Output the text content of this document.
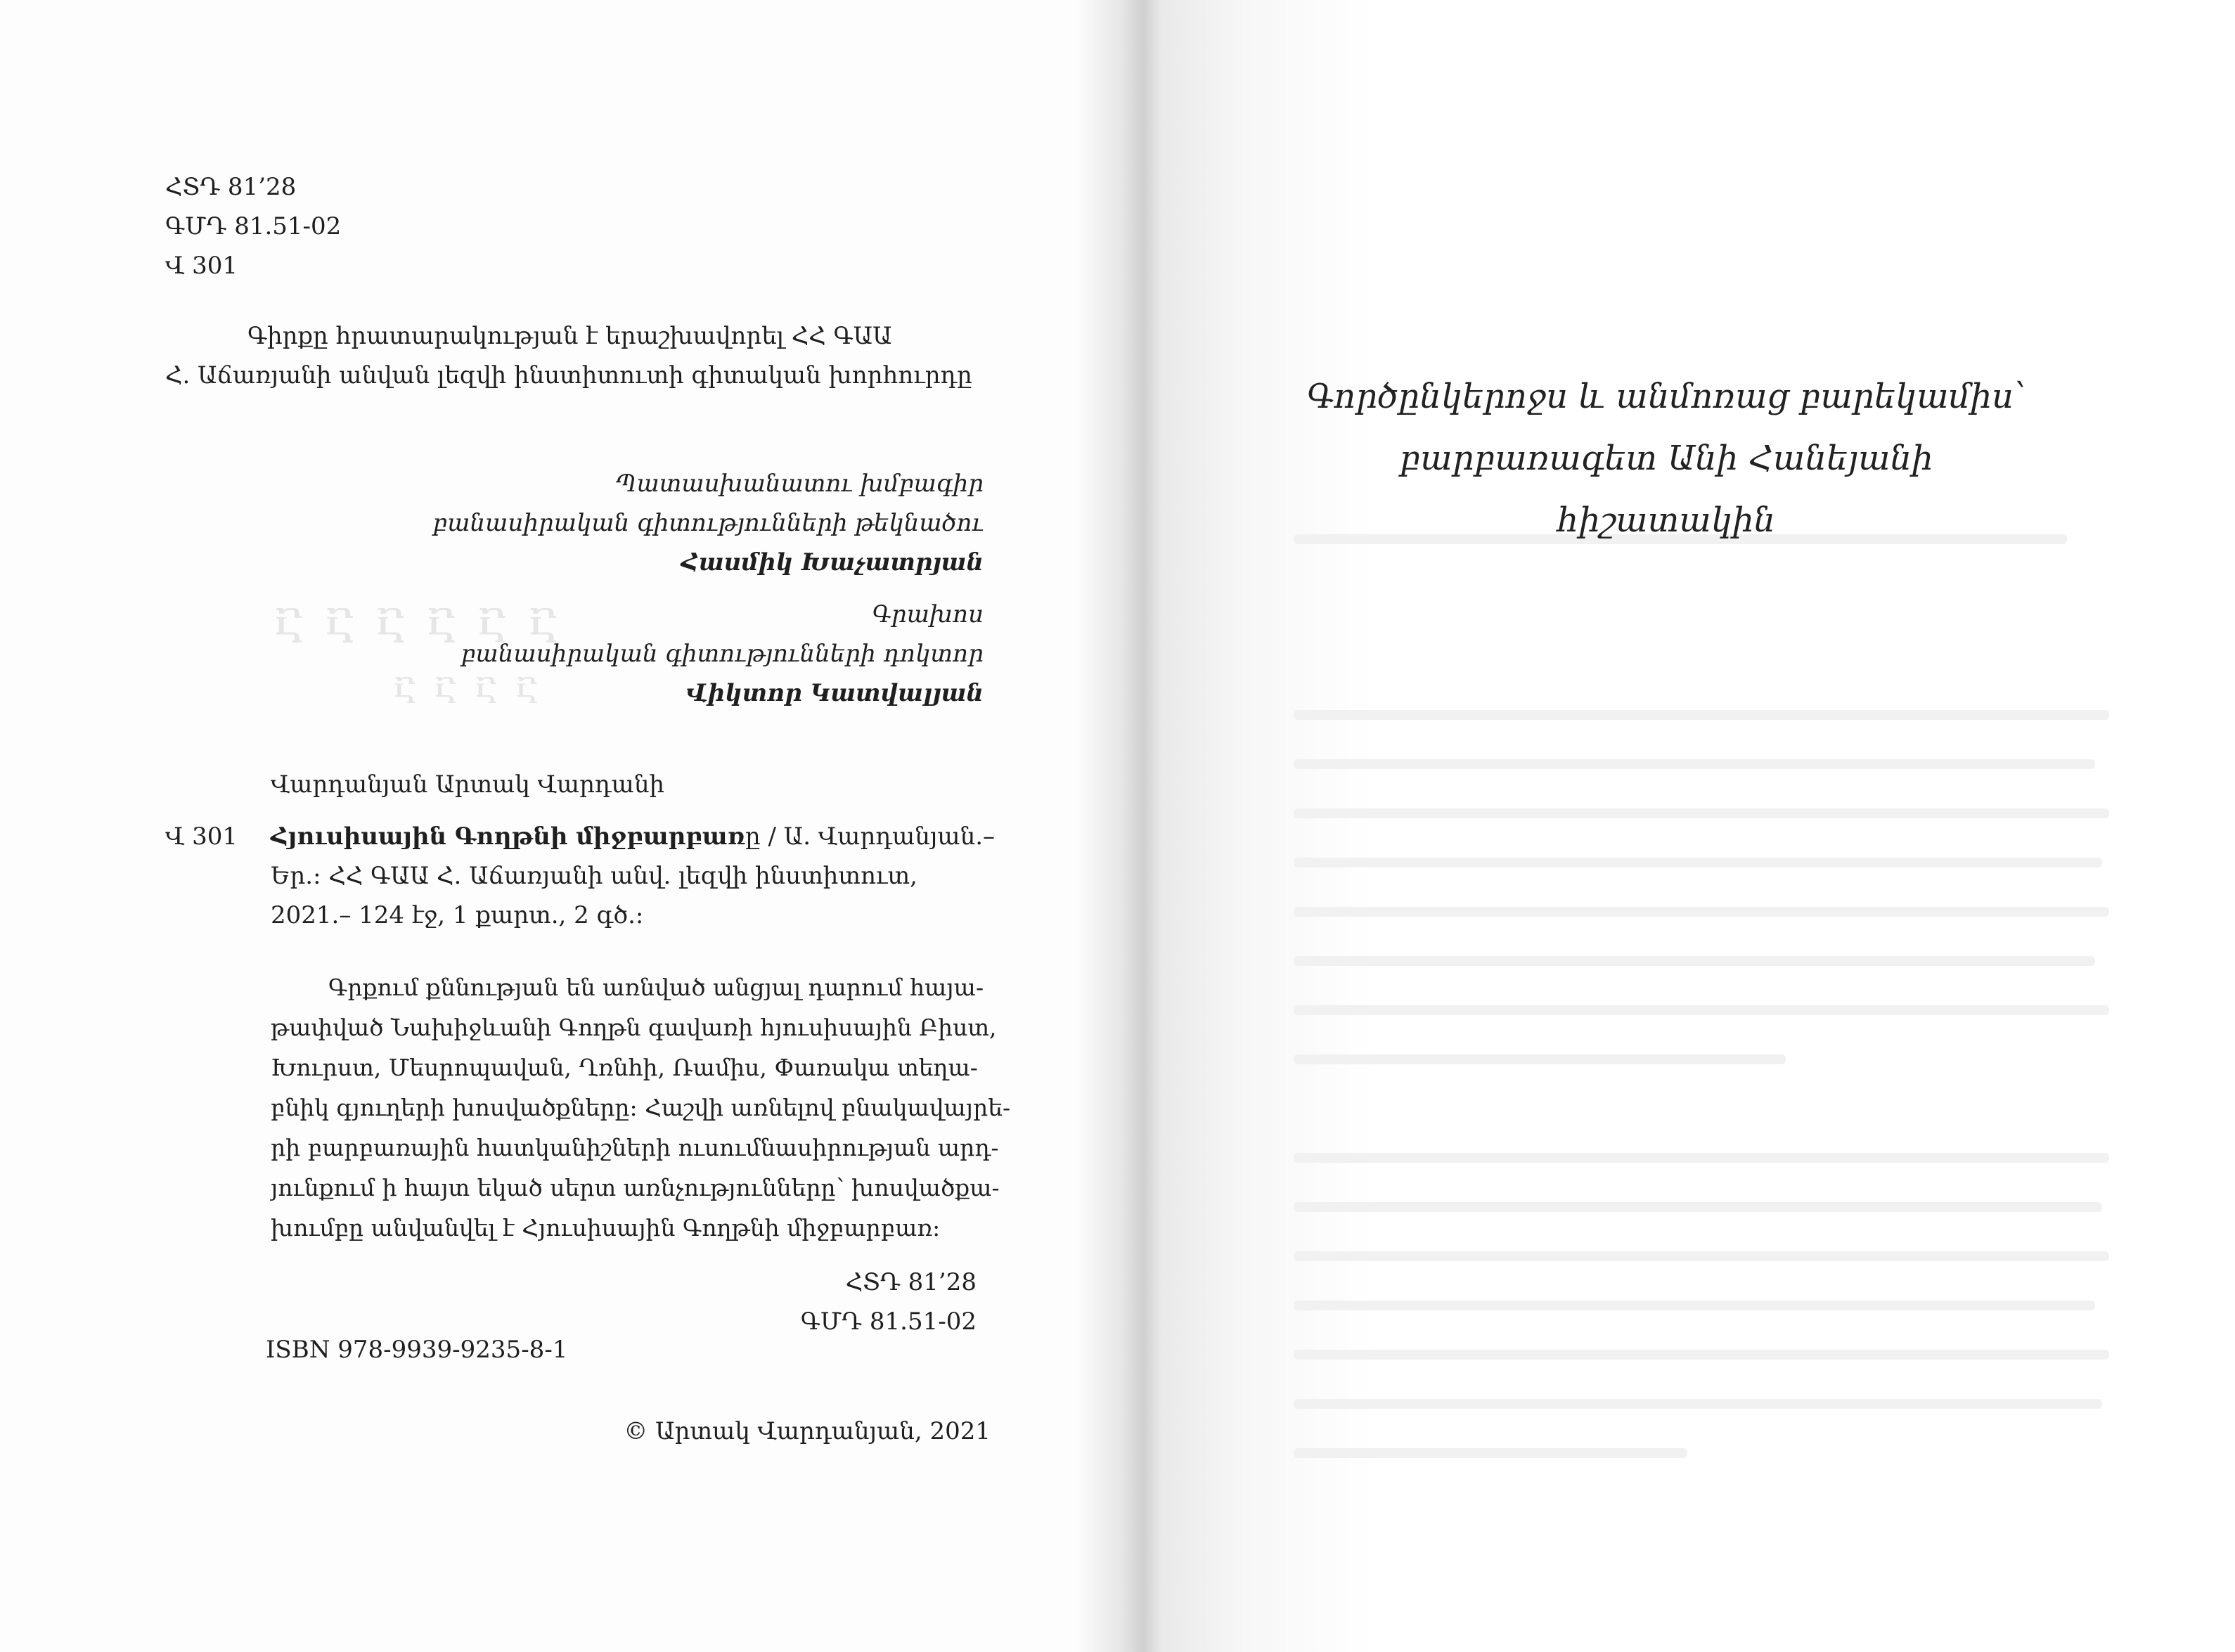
Ⴀ Ⴀ Ⴀ Ⴀ Ⴀ Ⴀ
Ⴀ Ⴀ Ⴀ Ⴀ
ՀՏԴ 81’28
ԳՄԴ 81.51-02
Վ 301
Գիրքը հրատարակության է երաշխավորել ՀՀ ԳԱԱ
Հ. Աճառյանի անվան լեզվի ինստիտուտի գիտական խորհուրդը
Պատասխանատու խմբագիր
բանասիրական գիտությունների թեկնածու
Հասմիկ Խաչատրյան
Գրախոս
բանասիրական գիտությունների դոկտոր
Վիկտոր Կատվալյան
Վարդանյան Արտակ Վարդանի
Վ 301 Հյուսիսային Գողթնի միջբարբառը / Ա. Վարդանյան.–
Եր.: ՀՀ ԳԱԱ Հ. Աճառյանի անվ. լեզվի ինստիտուտ,
2021.– 124 էջ, 1 քարտ., 2 գծ.:
Գրքում քննության են առնված անցյալ դարում հայա-
թափված Նախիջևանի Գողթն գավառի հյուսիսային Բիստ,
Խուրստ, Մեսրոպավան, Ղռնհի, Ռամիս, Փառակա տեղա-
բնիկ գյուղերի խոսվածքները: Հաշվի առնելով բնակավայրե-
րի բարբառային հատկանիշների ուսումնասիրության արդ-
յունքում ի հայտ եկած սերտ առնչությունները՝ խոսվածքա-
խումբը անվանվել է Հյուսիսային Գողթնի միջբարբառ:
ՀՏԴ 81’28
ԳՄԴ 81.51-02
ISBN 978-9939-9235-8-1
© Արտակ Վարդանյան, 2021
Գործընկերոջս և անմոռաց բարեկամիս՝
բարբառագետ Անի Հանեյանի
հիշատակին
